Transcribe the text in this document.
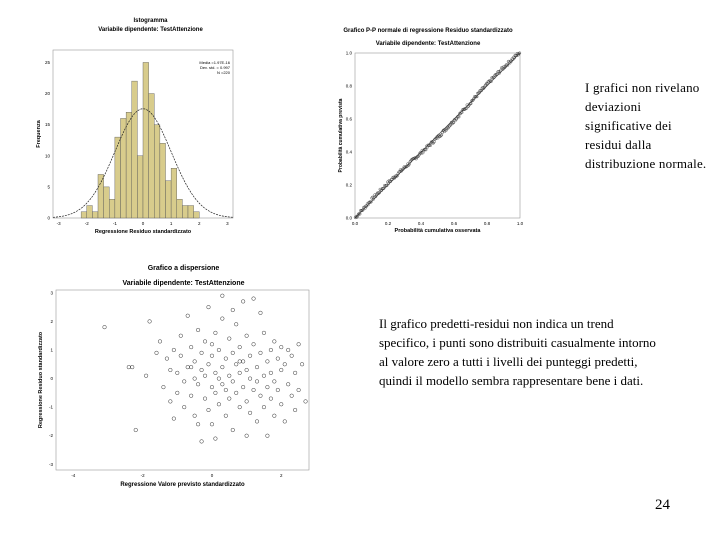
Istogramma
Variabile dipendente: TestAttenzione
25
20
15
10
5
0
-3	-2	-1	0	1	2	3
Frequenza
Regressione Residuo standardizzato
Media =1.97E-16
Dev. std. = 0.997
N =220
Grafico P-P normale di regressione Residuo standardizzato
Variabile dipendente: TestAttenzione
1.0
0.8
0.6
0.4
0.2
0.0
0.0	0.2	0.4	0.6	0.8	1.0
Probabilità cumulativa prevista
Probabilità cumulativa osservata
Grafico a dispersione
Variabile dipendente: TestAttenzione
3
2
1
0
-1
-2
-3
-4	-2	0	2
Regressione Residuo standardizzato
Regressione Valore previsto standardizzato
I grafici non rivelano deviazioni significative dei residui dalla distribuzione normale.
Il grafico predetti-residui non indica un trend specifico, i punti sono distribuiti casualmente intorno al valore zero a tutti i livelli dei punteggi predetti, quindi il modello sembra rappresentare bene i dati.
24
